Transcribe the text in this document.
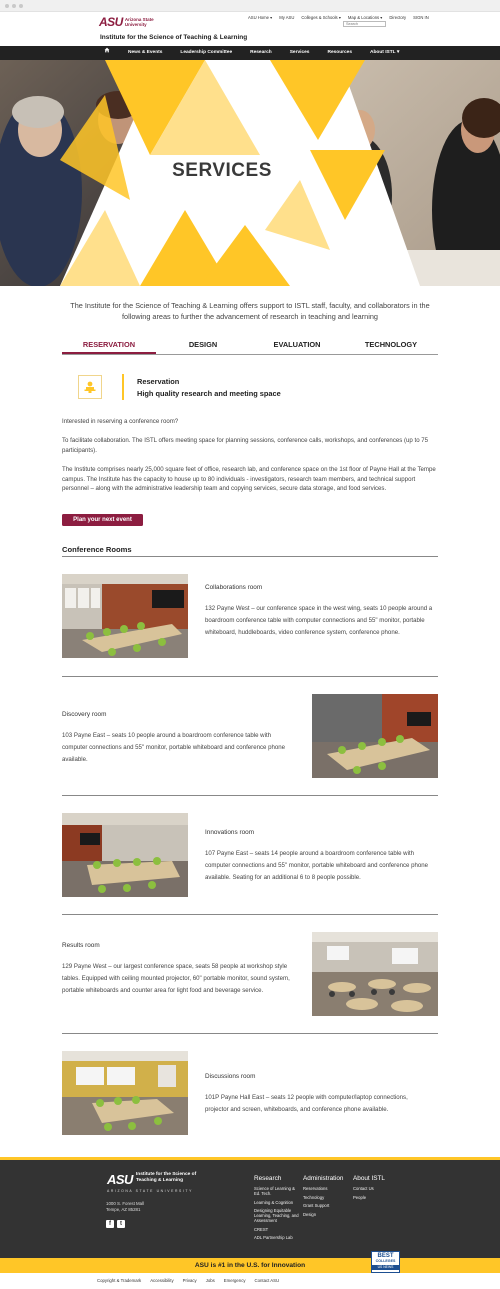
ASU Arizona State University
ASU Home ▾ My ASU Colleges & Schools ▾ Map & Locations ▾ Directory SIGN IN
Search
Institute for the Science of Teaching & Learning
News & Events	Leadership Committee	Research	Services	Resources	About ISTL ▾
SERVICES
The Institute for the Science of Teaching & Learning offers support to ISTL staff, faculty, and collaborators in the following areas to further the advancement of research in teaching and learning
RESERVATION	DESIGN	EVALUATION	TECHNOLOGY
Reservation
High quality research and meeting space
Interested in reserving a conference room?
To facilitate collaboration. The ISTL offers meeting space for planning sessions, conference calls, workshops, and conferences (up to 75 participants).
The Institute comprises nearly 25,000 square feet of office, research lab, and conference space on the 1st floor of Payne Hall at the Tempe campus. The Institute has the capacity to house up to 80 individuals - investigators, research team members, and technical support personnel – along with the administrative leadership team and copying services, secure data storage, and food services.
Plan your next event
Conference Rooms
Collaborations room
132 Payne West – our conference space in the west wing, seats 10 people around a boardroom conference table with computer connections and 55" monitor, portable whiteboard, huddleboards, video conference system, conference phone.
Discovery room
103 Payne East – seats 10 people around a boardroom conference table with computer connections and 55" monitor, portable whiteboard and conference phone available.
Innovations room
107 Payne East – seats 14 people around a boardroom conference table with computer connections and 55" monitor, portable whiteboard and conference phone available. Seating for an additional 6 to 8 people possible.
Results room
129 Payne West – our largest conference space, seats 58 people at workshop style tables. Equipped with ceiling mounted projector, 60" portable monitor, sound system, portable whiteboards and counter area for light food and beverage service.
Discussions room
101P Payne Hall East – seats 12 people with computer/laptop connections, projector and screen, whiteboards, and conference phone available.
ASU Institute for the Science of Teaching & Learning
ARIZONA STATE UNIVERSITY
1000 S. Forest Mall
Tempe, AZ 85281
f	t
Research
Science of Learning & Ed. Tech.
Learning & Cognition
Designing Equitable Learning, Teaching, and Assessment
CREST
ADL Partnership Lab
Administration
Reservations
Technology
Grant Support
Design
About ISTL
Contact Us
People
ASU is #1 in the U.S. for Innovation
BEST
COLLEGES
US NEWS
Copyright & Trademark Accessibility Privacy Jobs Emergency Contact ASU
